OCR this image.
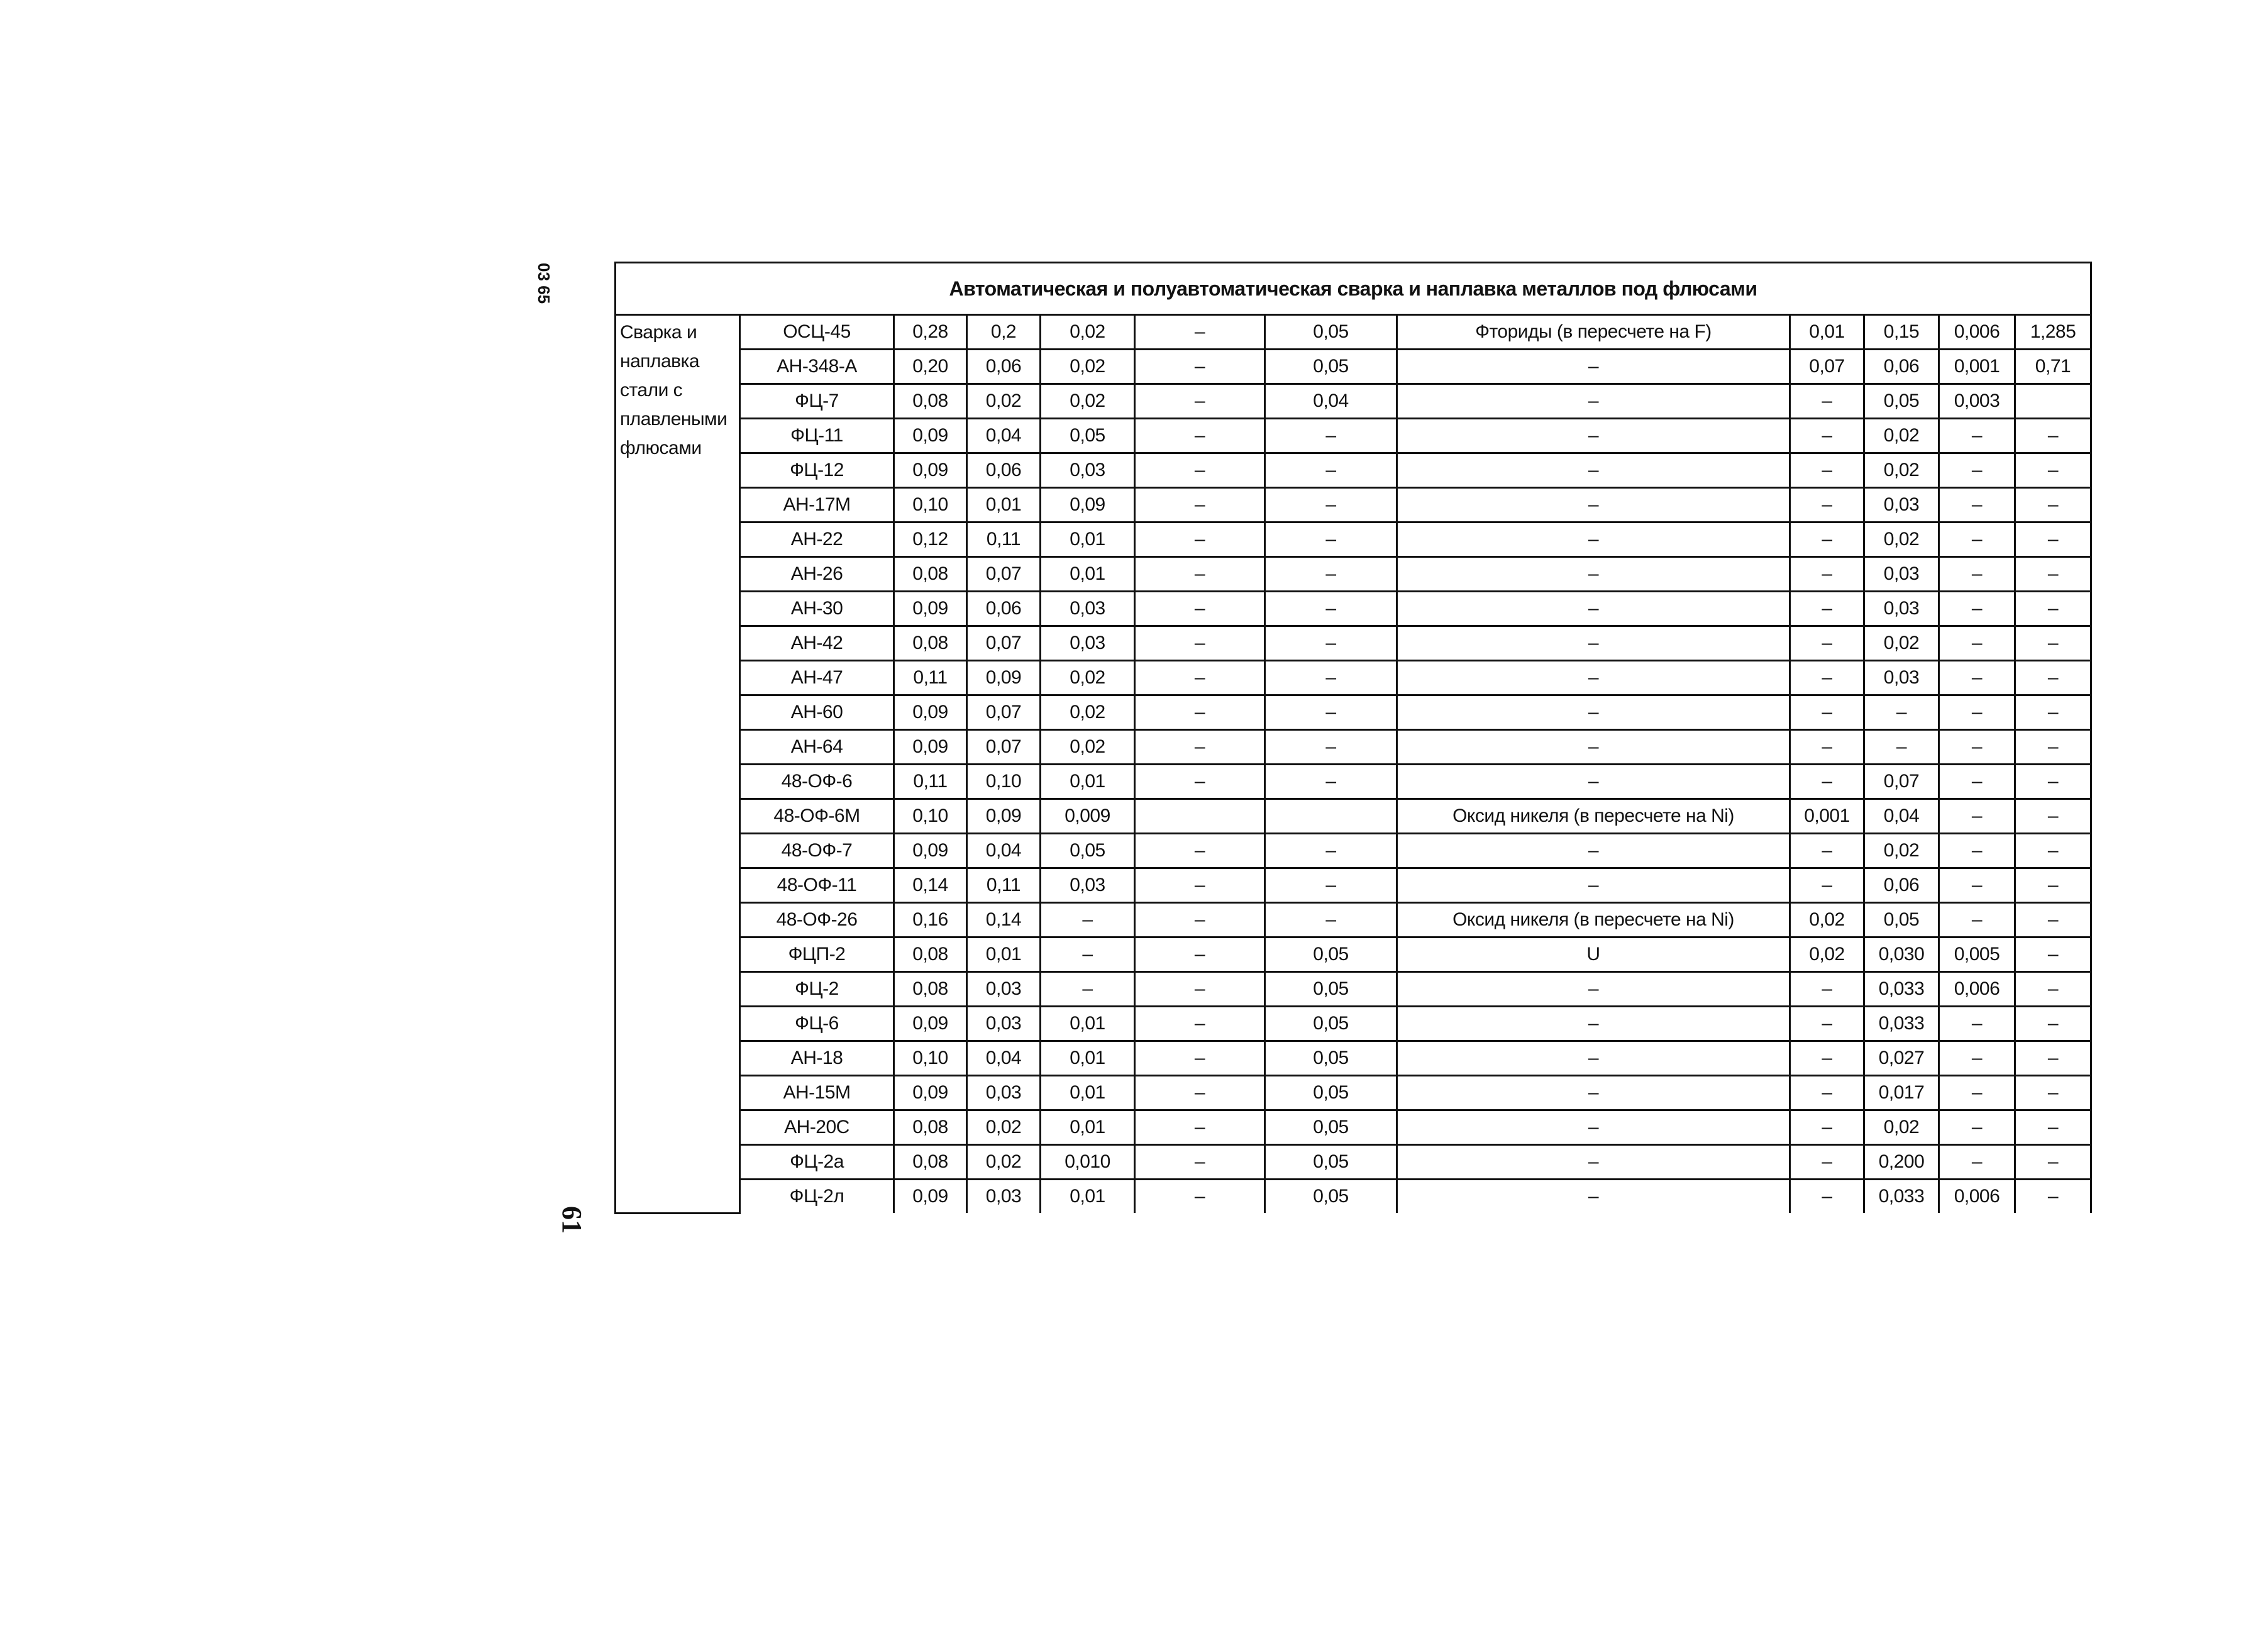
03 65
61
Автоматическая и полуавтоматическая сварка и наплавка металлов под флюсами											
Сварка и наплавка стали с плавлеными флюсами	ОСЦ-45	0,28	0,2	0,02	–	0,05	Фториды (в пересчете на F)	0,01	0,15	0,006	1,285
	АН-348-А	0,20	0,06	0,02	–	0,05	–	0,07	0,06	0,001	0,71
	ФЦ-7	0,08	0,02	0,02	–	0,04	–	–	0,05	0,003	
	ФЦ-11	0,09	0,04	0,05	–	–	–	–	0,02	–	–
	ФЦ-12	0,09	0,06	0,03	–	–	–	–	0,02	–	–
	АН-17М	0,10	0,01	0,09	–	–	–	–	0,03	–	–
	АН-22	0,12	0,11	0,01	–	–	–	–	0,02	–	–
	АН-26	0,08	0,07	0,01	–	–	–	–	0,03	–	–
	АН-30	0,09	0,06	0,03	–	–	–	–	0,03	–	–
	АН-42	0,08	0,07	0,03	–	–	–	–	0,02	–	–
	АН-47	0,11	0,09	0,02	–	–	–	–	0,03	–	–
	АН-60	0,09	0,07	0,02	–	–	–	–	–	–	–
	АН-64	0,09	0,07	0,02	–	–	–	–	–	–	–
	48-ОФ-6	0,11	0,10	0,01	–	–	–	–	0,07	–	–
	48-ОФ-6М	0,10	0,09	0,009			Оксид никеля (в пересчете на Ni)	0,001	0,04	–	–
	48-ОФ-7	0,09	0,04	0,05	–	–	–	–	0,02	–	–
	48-ОФ-11	0,14	0,11	0,03	–	–	–	–	0,06	–	–
	48-ОФ-26	0,16	0,14	–	–	–	Оксид никеля (в пересчете на Ni)	0,02	0,05	–	–
	ФЦП-2	0,08	0,01	–	–	0,05	U	0,02	0,030	0,005	–
	ФЦ-2	0,08	0,03	–	–	0,05	–	–	0,033	0,006	–
	ФЦ-6	0,09	0,03	0,01	–	0,05	–	–	0,033	–	–
	АН-18	0,10	0,04	0,01	–	0,05	–	–	0,027	–	–
	АН-15М	0,09	0,03	0,01	–	0,05	–	–	0,017	–	–
	АН-20С	0,08	0,02	0,01	–	0,05	–	–	0,02	–	–
	ФЦ-2а	0,08	0,02	0,010	–	0,05	–	–	0,200	–	–
	ФЦ-2л	0,09	0,03	0,01	–	0,05	–	–	0,033	0,006	–
